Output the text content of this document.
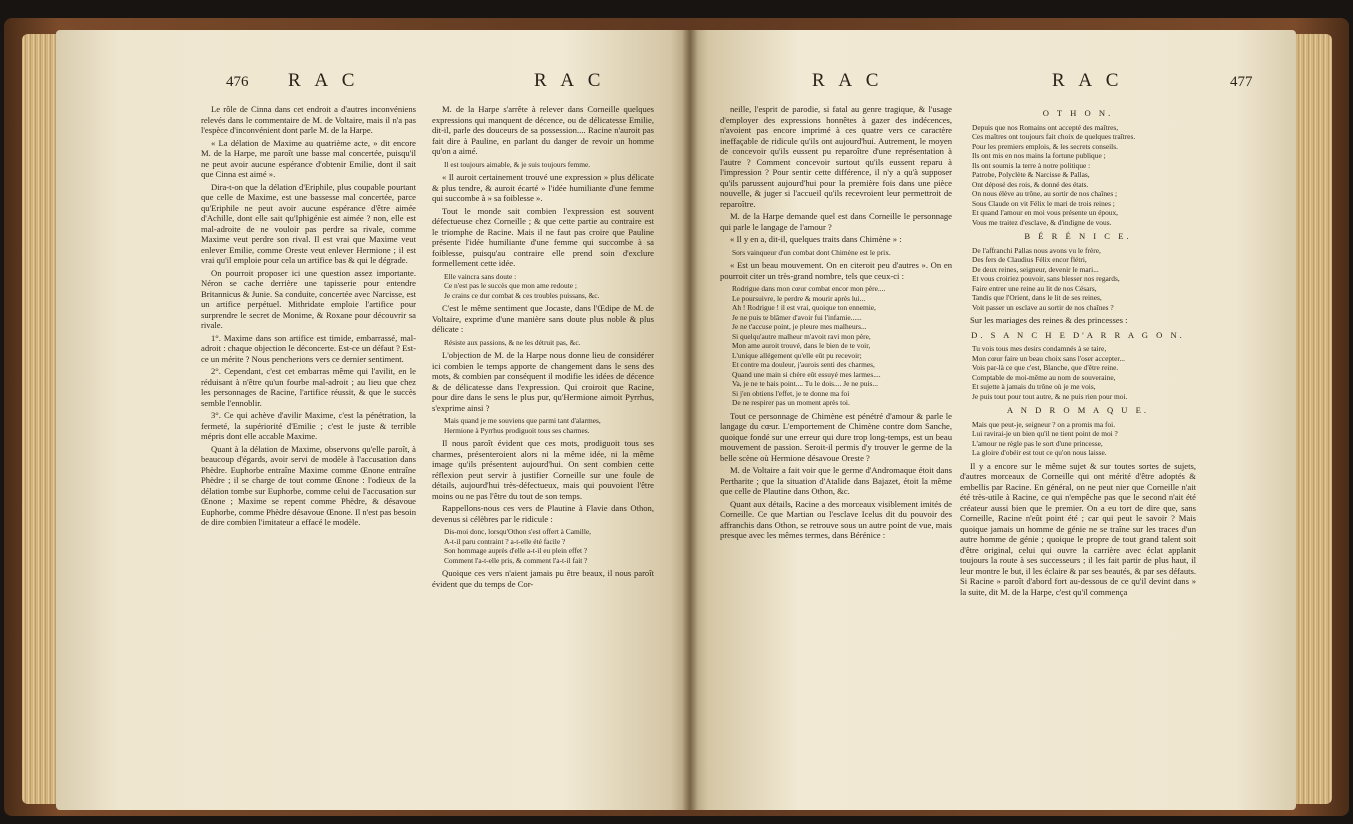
476 R A C	R A C

Le rôle de Cinna dans cet endroit a d'autres inconvéniens relevés dans le commentaire de M. de Voltaire, mais il n'a pas l'espèce d'inconvénient dont parle M. de la Harpe.

« La délation de Maxime au quatrième acte, » dit encore M. de la Harpe, me paroît une basse mal concertée, puisqu'il ne peut avoir aucune espérance d'obtenir Emilie, dont il sait que Cinna est aimé ».

Dira-t-on que la délation d'Eriphile, plus coupable pourtant que celle de Maxime, est une bassesse mal concertée, parce qu'Eriphile ne peut avoir aucune espérance d'être aimée d'Achille, dont elle sait qu'Iphigénie est aimée ? non, elle est mal-adroite de ne vouloir pas perdre sa rivale, comme Maxime veut perdre son rival. Il est vrai que Maxime veut enlever Emilie, comme Oreste veut enlever Hermione ; il est vrai qu'il emploie pour cela un artifice bas & qui le dégrade.

On pourroit proposer ici une question assez importante. Néron se cache derrière une tapisserie pour entendre Britannicus & Junie. Sa conduite, concertée avec Narcisse, est un artifice perpétuel. Mithridate emploie l'artifice pour surprendre le secret de Monime, & Roxane pour découvrir sa rivale.

1°. Maxime dans son artifice est timide, embarrassé, mal-adroit : chaque objection le déconcerte. Est-ce un défaut ? Est-ce un mérite ? Nous pencherions vers ce dernier sentiment.

2°. Cependant, c'est cet embarras même qui l'avilit, en le réduisant à n'être qu'un fourbe mal-adroit ; au lieu que chez les personnages de Racine, l'artifice réussit, & que le succès semble l'ennoblir.

3°. Ce qui achève d'avilir Maxime, c'est la pénétration, la fermeté, la supériorité d'Emilie ; c'est le juste & terrible mépris dont elle accable Maxime.

Quant à la délation de Maxime, observons qu'elle paroît, à beaucoup d'égards, avoir servi de modèle à l'accusation dans Phèdre. Euphorbe entraîne Maxime comme Œnone entraîne Phèdre ; il se charge de tout comme Œnone : l'odieux de la délation tombe sur Euphorbe, comme celui de l'accusation sur Œnone ; Maxime se repent comme Phèdre, & désavoue Euphorbe, comme Phèdre désavoue Œnone. Il n'est pas besoin de dire combien l'imitateur a effacé le modèle.

M. de la Harpe s'arrête à relever dans Corneille quelques expressions qui manquent de décence, ou de délicatesse Emilie, dit-il, parle des douceurs de sa possession.... Racine n'auroit pas fait dire à Pauline, en parlant du danger de revoir un homme qu'on a aimé.

Il est toujours aimable, & je suis toujours femme.

« Il auroit certainement trouvé une expression » plus délicate & plus tendre, & auroit écarté » l'idée humiliante d'une femme qui succombe à » sa foiblesse ».

Tout le monde sait combien l'expression est souvent défectueuse chez Corneille ; & que cette partie au contraire est le triomphe de Racine. Mais il ne faut pas croire que Pauline présente l'idée humiliante d'une femme qui succombe à sa foiblesse, puisqu'au contraire elle prend soin d'exclure formellement cette idée.

Elle vaincra sans doute :
Ce n'est pas le succès que mon ame redoute ;
Je crains ce dur combat & ces troubles puissans, &c.

C'est le même sentiment que Jocaste, dans l'Œdipe de M. de Voltaire, exprime d'une manière sans doute plus noble & plus délicate :

Résiste aux passions, & ne les détruit pas, &c.

L'objection de M. de la Harpe nous donne lieu de considérer ici combien le temps apporte de changement dans le sens des mots, & combien par conséquent il modifie les idées de décence & de délicatesse dans l'expression. Qui croiroit que Racine, pour dire dans le sens le plus pur, qu'Hermione aimoit Pyrrhus, s'exprime ainsi ?

Mais quand je me souviens que parmi tant d'alarmes,
Hermione à Pyrrhus prodiguoit tous ses charmes.

Il nous paroît évident que ces mots, prodiguoit tous ses charmes, présenteroient alors ni la même idée, ni la même image qu'ils présentent aujourd'hui. On sent combien cette réflexion peut servir à justifier Corneille sur une foule de détails, aujourd'hui très-défectueux, mais qui pouvoient l'être moins ou ne pas l'être du tout de son temps.

Rappellons-nous ces vers de Plautine à Flavie dans Othon, devenus si célèbres par le ridicule :

Dis-moi donc, lorsqu'Othon s'est offert à Camille,
A-t-il paru contraint ? a-t-elle été facile ?
Son hommage auprès d'elle a-t-il eu plein effet ?
Comment l'a-t-elle pris, & comment l'a-t-il fait ?

Quoique ces vers n'aient jamais pu être beaux, il nous paroît évident que du temps de Cor-

R A C	R A C	477

neille, l'esprit de parodie, si fatal au genre tragique, & l'usage d'employer des expressions honnêtes à gazer des indécences, n'avoient pas encore imprimé à ces quatre vers ce caractère ineffaçable de ridicule qu'ils ont aujourd'hui. Autrement, le moyen de concevoir qu'ils eussent pu reparoître d'une représentation à l'autre ? Comment concevoir surtout qu'ils eussent reparu à l'impression ? Pour sentir cette différence, il n'y a qu'à supposer qu'ils parussent aujourd'hui pour la première fois dans une pièce nouvelle, & juger si l'accueil qu'ils recevroient leur permettroit de reparoître.

M. de la Harpe demande quel est dans Corneille le personnage qui parle le langage de l'amour ?

« Il y en a, dit-il, quelques traits dans Chimène » :

Sors vainqueur d'un combat dont Chimène est le prix.

« Est un beau mouvement. On en citeroit peu d'autres ». On en pourroit citer un très-grand nombre, tels que ceux-ci :

Rodrigue dans mon cœur combat encor mon père....
Le poursuivre, le perdre & mourir après lui...
Ah ! Rodrigue ! il est vrai, quoique ton ennemie,
Je ne puis te blâmer d'avoir fui l'infamie......
Je ne t'accuse point, je pleure mes malheurs...
Si quelqu'autre malheur m'avoit ravi mon père,
Mon ame auroit trouvé, dans le bien de te voir,
L'unique allégement qu'elle eût pu recevoir;
Et contre ma douleur, j'aurois senti des charmes,
Quand une main si chère eût essuyé mes larmes....
Va, je ne te hais point.... Tu le dois.... Je ne puis...
Si j'en obtiens l'effet, je te donne ma foi
De ne respirer pas un moment après toi.

Tout ce personnage de Chimène est pénétré d'amour & parle le langage du cœur. L'emportement de Chimène contre dom Sanche, quoique fondé sur une erreur qui dure trop long-temps, est un beau mouvement de passion. Seroit-il permis d'y trouver le germe de la belle scène où Hermione désavoue Oreste ?

M. de Voltaire a fait voir que le germe d'Andromaque étoit dans Pertharite ; que la situation d'Atalide dans Bajazet, étoit la même que celle de Plautine dans Othon, &c.

Quant aux détails, Racine a des morceaux visiblement imités de Corneille. Ce que Martian ou l'esclave Icelus dit du pouvoir des affranchis dans Othon, se retrouve sous un autre point de vue, mais presque avec les mêmes termes, dans Bérénice :

O T H O N.
Depuis que nos Romains ont accepté des maîtres,
Ces maîtres ont toujours fait choix de quelques traîtres.
Pour les premiers emplois, & les secrets conseils.
Ils ont mis en nos mains la fortune publique ;
Ils ont soumis la terre à notre politique :
Patrobe, Polyclète & Narcisse & Pallas,
Ont déposé des rois, & donné des états.
On nous élève au trône, au sortir de nos chaînes ;
Sous Claude on vit Félix le mari de trois reines ;
Et quand l'amour en moi vous présente un époux,
Vous me traitez d'esclave, & d'indigne de vous.
B É R É N I C E.
De l'affranchi Pallas nous avons vu le frère,
Des fers de Claudius Félix encor flétri,
De deux reines, seigneur, devenir le mari...
Et vous croiriez pouvoir, sans blesser nos regards,
Faire entrer une reine au lit de nos Césars,
Tandis que l'Orient, dans le lit de ses reines,
Voit passer un esclave au sortir de nos chaînes ?

Sur les mariages des reines & des princesses :

D. S A N C H E D'A R R A G O N.
Tu vois tous mes desirs condamnés à se taire,
Mon cœur faire un beau choix sans l'oser accepter...
Vois par-là ce que c'est, Blanche, que d'être reine.
Comptable de moi-même au nom de souveraine,
Et sujette à jamais du trône où je me vois,
Je puis tout pour tout autre, & ne puis rien pour moi.
A N D R O M A Q U E.
Mais que peut-je, seigneur ? on a promis ma foi.
Lui ravirai-je un bien qu'il ne tient point de moi ?
L'amour ne règle pas le sort d'une princesse,
La gloire d'obéir est tout ce qu'on nous laisse.

Il y a encore sur le même sujet & sur toutes sortes de sujets, d'autres morceaux de Corneille qui ont mérité d'être adoptés & embellis par Racine. En général, on ne peut nier que Corneille n'ait été très-utile à Racine, ce qui n'empêche pas que le second n'ait été créateur aussi bien que le premier. On a eu tort de dire que, sans Corneille, Racine n'eût point été ; car qui peut le savoir ? Mais quoique jamais un homme de génie ne se traîne sur les traces d'un autre homme de génie ; quoique le propre de tout grand talent soit d'être original, celui qui ouvre la carrière avec éclat applanit toujours la route à ses successeurs ; il les fait partir de plus haut, il leur montre le but, il les éclaire & par ses beautés, & par ses défauts. Si Racine » paroît d'abord fort au-dessous de ce qu'il devint dans » la suite, dit M. de la Harpe, c'est qu'il commença
